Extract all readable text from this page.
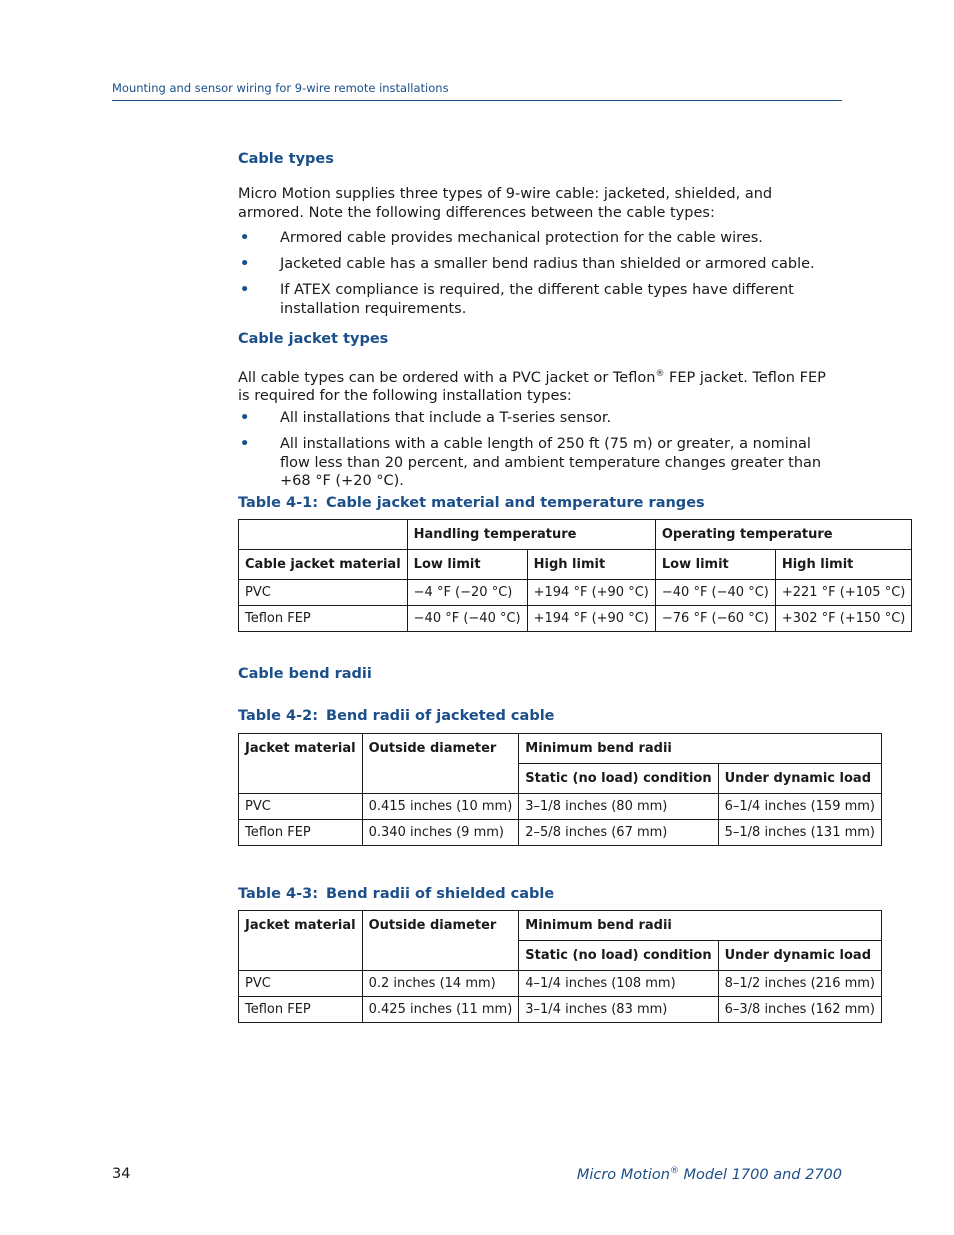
Mounting and sensor wiring for 9-wire remote installations
Cable types

Micro Motion supplies three types of 9-wire cable: jacketed, shielded, and armored. Note the following differences between the cable types:

• Armored cable provides mechanical protection for the cable wires.

• Jacketed cable has a smaller bend radius than shielded or armored cable.

• If ATEX compliance is required, the different cable types have different installation requirements.

Cable jacket types

All cable types can be ordered with a PVC jacket or Teflon® FEP jacket. Teflon FEP is required for the following installation types:

• All installations that include a T-series sensor.

• All installations with a cable length of 250 ft (75 m) or greater, a nominal flow less than 20 percent, and ambient temperature changes greater than +68 °F (+20 °C).

Table 4-1: Cable jacket material and temperature ranges

	Handling temperature		Operating temperature	
Cable jacket material	Low limit	High limit	Low limit	High limit
PVC	−4 °F (−20 °C)	+194 °F (+90 °C)	−40 °F (−40 °C)	+221 °F (+105 °C)
Teflon FEP	−40 °F (−40 °C)	+194 °F (+90 °C)	−76 °F (−60 °C)	+302 °F (+150 °C)
Cable bend radii

Table 4-2: Bend radii of jacketed cable

Jacket material	Outside diameter	Minimum bend radii	
		Static (no load) condition	Under dynamic load
PVC	0.415 inches (10 mm)	3–1/8 inches (80 mm)	6–1/4 inches (159 mm)
Teflon FEP	0.340 inches (9 mm)	2–5/8 inches (67 mm)	5–1/8 inches (131 mm)

Table 4-3: Bend radii of shielded cable

Jacket material	Outside diameter	Minimum bend radii	
		Static (no load) condition	Under dynamic load
PVC	0.2 inches (14 mm)	4–1/4 inches (108 mm)	8–1/2 inches (216 mm)
Teflon FEP	0.425 inches (11 mm)	3–1/4 inches (83 mm)	6–3/8 inches (162 mm)
34	Micro Motion® Model 1700 and 2700
